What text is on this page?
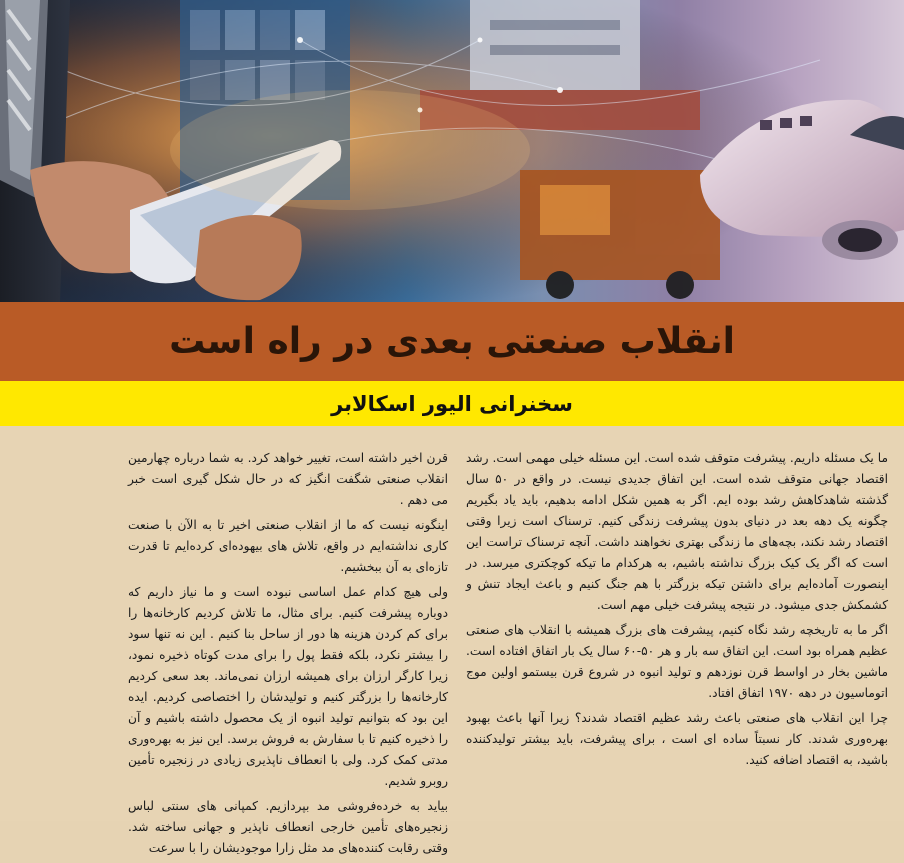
انقلاب صنعتی بعدی در راه است
سخنرانی الیور اسکالابر

ما یک مسئله داریم. پیشرفت متوقف شده است. این مسئله خیلی مهمی است. رشد اقتصاد جهانی متوقف شده است. این اتفاق جدیدی نیست. در واقع در ۵۰ سال گذشته شاهدکاهش رشد بوده ایم. اگر به همین شکل ادامه بدهیم، باید یاد بگیریم چگونه یک دهه بعد در دنیای بدون پیشرفت زندگی کنیم. ترسناک است زیرا وقتی اقتصاد رشد نکند، بچه‌های ما زندگی بهتری نخواهند داشت. آنچه ترسناک تراست این است که اگر یک کیک بزرگ نداشته باشیم، به هرکدام ما تیکه کوچکتری میرسد. در اینصورت آماده‌ایم برای داشتن تیکه بزرگتر با هم جنگ کنیم و باعث ایجاد تنش و کشمکش جدی میشود. در نتیجه پیشرفت خیلی مهم است.

اگر ما به تاریخچه رشد نگاه کنیم، پیشرفت های بزرگ همیشه با انقلاب های صنعتی عظیم همراه بود است. این اتفاق سه بار و هر ۵۰-۶۰ سال یک بار اتفاق افتاده است. ماشین بخار در اواسط قرن نوزدهم و تولید انبوه در شروع قرن بیستمو اولین موج اتوماسیون در دهه ۱۹۷۰ اتفاق افتاد.

چرا این انقلاب های صنعتی باعث رشد عظیم اقتصاد شدند؟ زیرا آنها باعث بهبود بهره‌وری شدند. کار نسبتاً ساده ای است ، برای پیشرفت، باید بیشتر تولیدکننده باشید، به اقتصاد اضافه کنید.

قرن اخیر داشته است، تغییر خواهد کرد. به شما درباره چهارمین انقلاب صنعتی شگفت انگیز که در حال شکل گیری است خبر می دهم .

اینگونه نیست که ما از انقلاب صنعتی اخیر تا به الآن با صنعت کاری نداشته‌ایم در واقع، تلاش های بیهوده‌ای کرده‌ایم تا قدرت تازه‌ای به آن ببخشیم.

ولی هیچ کدام عمل اساسی نبوده است و ما نیاز داریم که دوباره پیشرفت کنیم. برای مثال، ما تلاش کردیم کارخانه‌ها را برای کم کردن هزینه ها دور از ساحل بنا کنیم . این نه تنها سود را بیشتر نکرد، بلکه فقط پول را برای مدت کوتاه ذخیره نمود، زیرا کارگر ارزان برای همیشه ارزان نمی‌ماند. بعد سعی کردیم کارخانه‌ها را بزرگتر کنیم و تولیدشان را اختصاصی کردیم. ایده این بود که بتوانیم تولید انبوه از یک محصول داشته باشیم و آن را ذخیره کنیم تا با سفارش به فروش برسد. این نیز به بهره‌وری مدتی کمک کرد. ولی با انعطاف ناپذیری زیادی در زنجیره تأمین روبرو شدیم.

بیاید به خرده‌فروشی مد بپردازیم. کمپانی های سنتی لباس زنجیره‌های تأمین خارجی انعطاف ناپذیر و جهانی ساخته شد. وقتی رقابت کننده‌های مد مثل زارا موجودیشان را با سرعت
